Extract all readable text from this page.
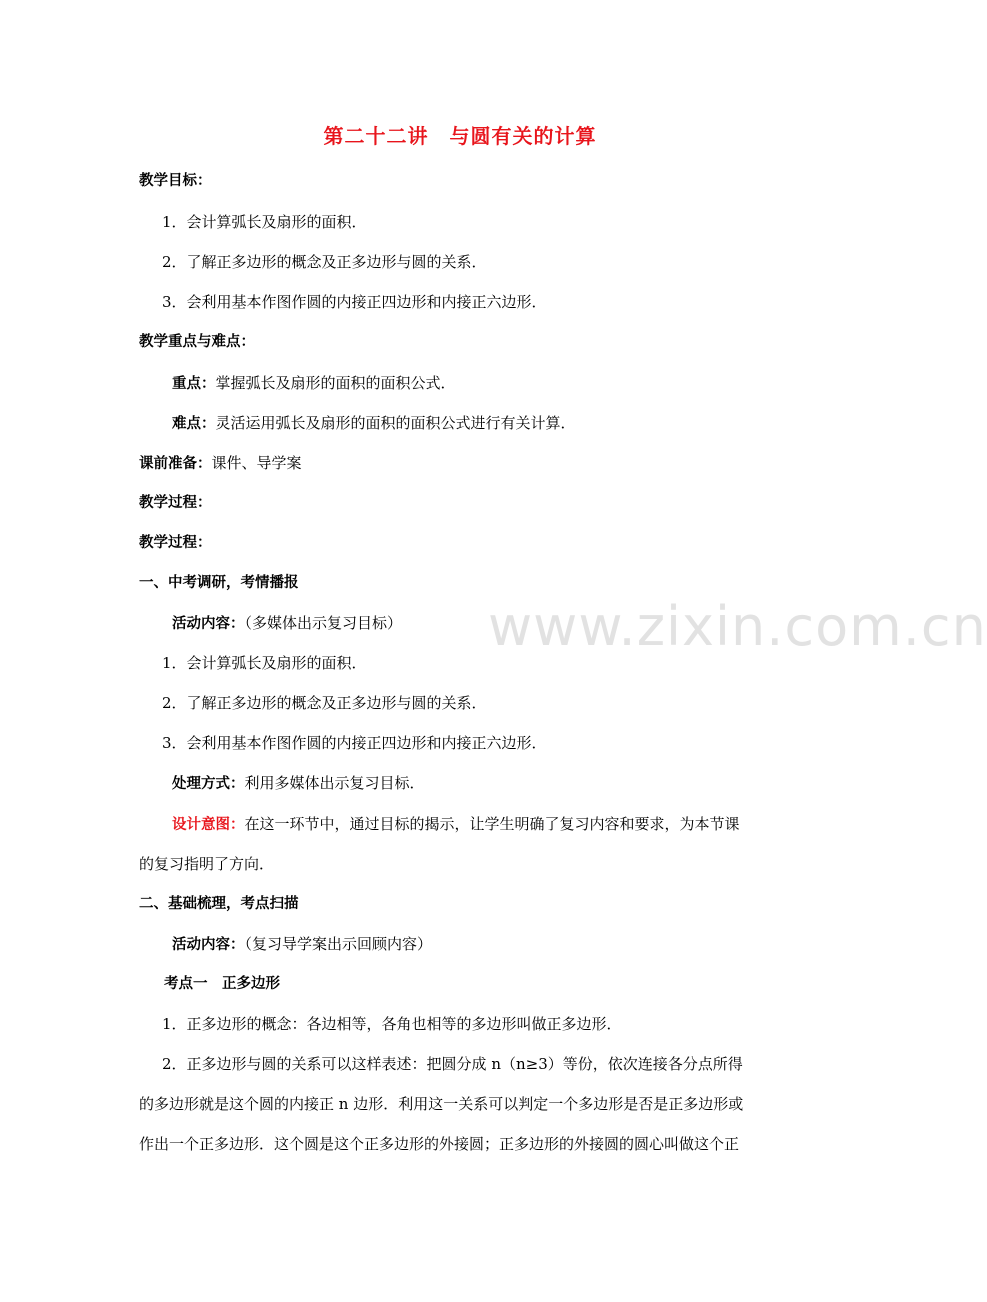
www.zixin.com.cn
第二十二讲　与圆有关的计算
教学目标：
1．会计算弧长及扇形的面积．
2．了解正多边形的概念及正多边形与圆的关系．
3．会利用基本作图作圆的内接正四边形和内接正六边形．
教学重点与难点：
重点：掌握弧长及扇形的面积的面积公式．
难点：灵活运用弧长及扇形的面积的面积公式进行有关计算．
课前准备：课件、导学案
教学过程：
教学过程：
一、中考调研，考情播报
活动内容：（多媒体出示复习目标）
1．会计算弧长及扇形的面积．
2．了解正多边形的概念及正多边形与圆的关系．
3．会利用基本作图作圆的内接正四边形和内接正六边形．
处理方式：利用多媒体出示复习目标．
设计意图：在这一环节中，通过目标的揭示，让学生明确了复习内容和要求，为本节课
的复习指明了方向．
二、基础梳理，考点扫描
活动内容：（复习导学案出示回顾内容）
考点一　正多边形
1．正多边形的概念：各边相等，各角也相等的多边形叫做正多边形．
2．正多边形与圆的关系可以这样表述：把圆分成 n（n≥3）等份，依次连接各分点所得
的多边形就是这个圆的内接正 n 边形．利用这一关系可以判定一个多边形是否是正多边形或
作出一个正多边形．这个圆是这个正多边形的外接圆；正多边形的外接圆的圆心叫做这个正
